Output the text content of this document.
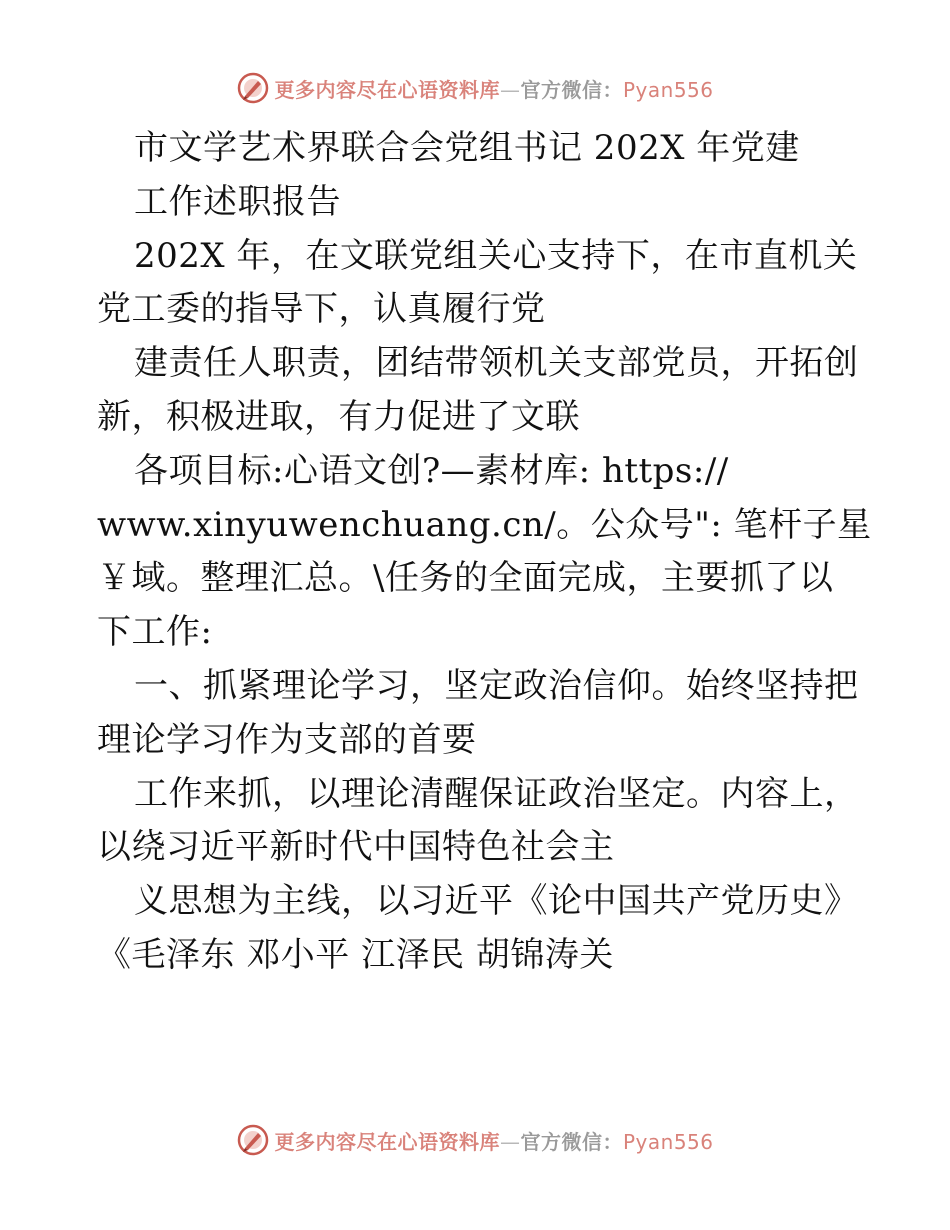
更多内容尽在心语资料库—官方微信：Pyan556
市文学艺术界联合会党组书记 202X 年党建
工作述职报告
202X 年，在文联党组关心支持下，在市直机关
党工委的指导下，认真履行党
建责任人职责，团结带领机关支部党员，开拓创
新，积极进取，有力促进了文联
各项目标:心语文创?—素材库: https://
www.xinyuwenchuang.cn/。公众号": 笔杆子星
￥域。整理汇总。\任务的全面完成，主要抓了以
下工作:
一、抓紧理论学习，坚定政治信仰。始终坚持把
理论学习作为支部的首要
工作来抓，以理论清醒保证政治坚定。内容上，
以绕习近平新时代中国特色社会主
义思想为主线，以习近平《论中国共产党历史》
《毛泽东 邓小平 江泽民 胡锦涛关
更多内容尽在心语资料库—官方微信：Pyan556
